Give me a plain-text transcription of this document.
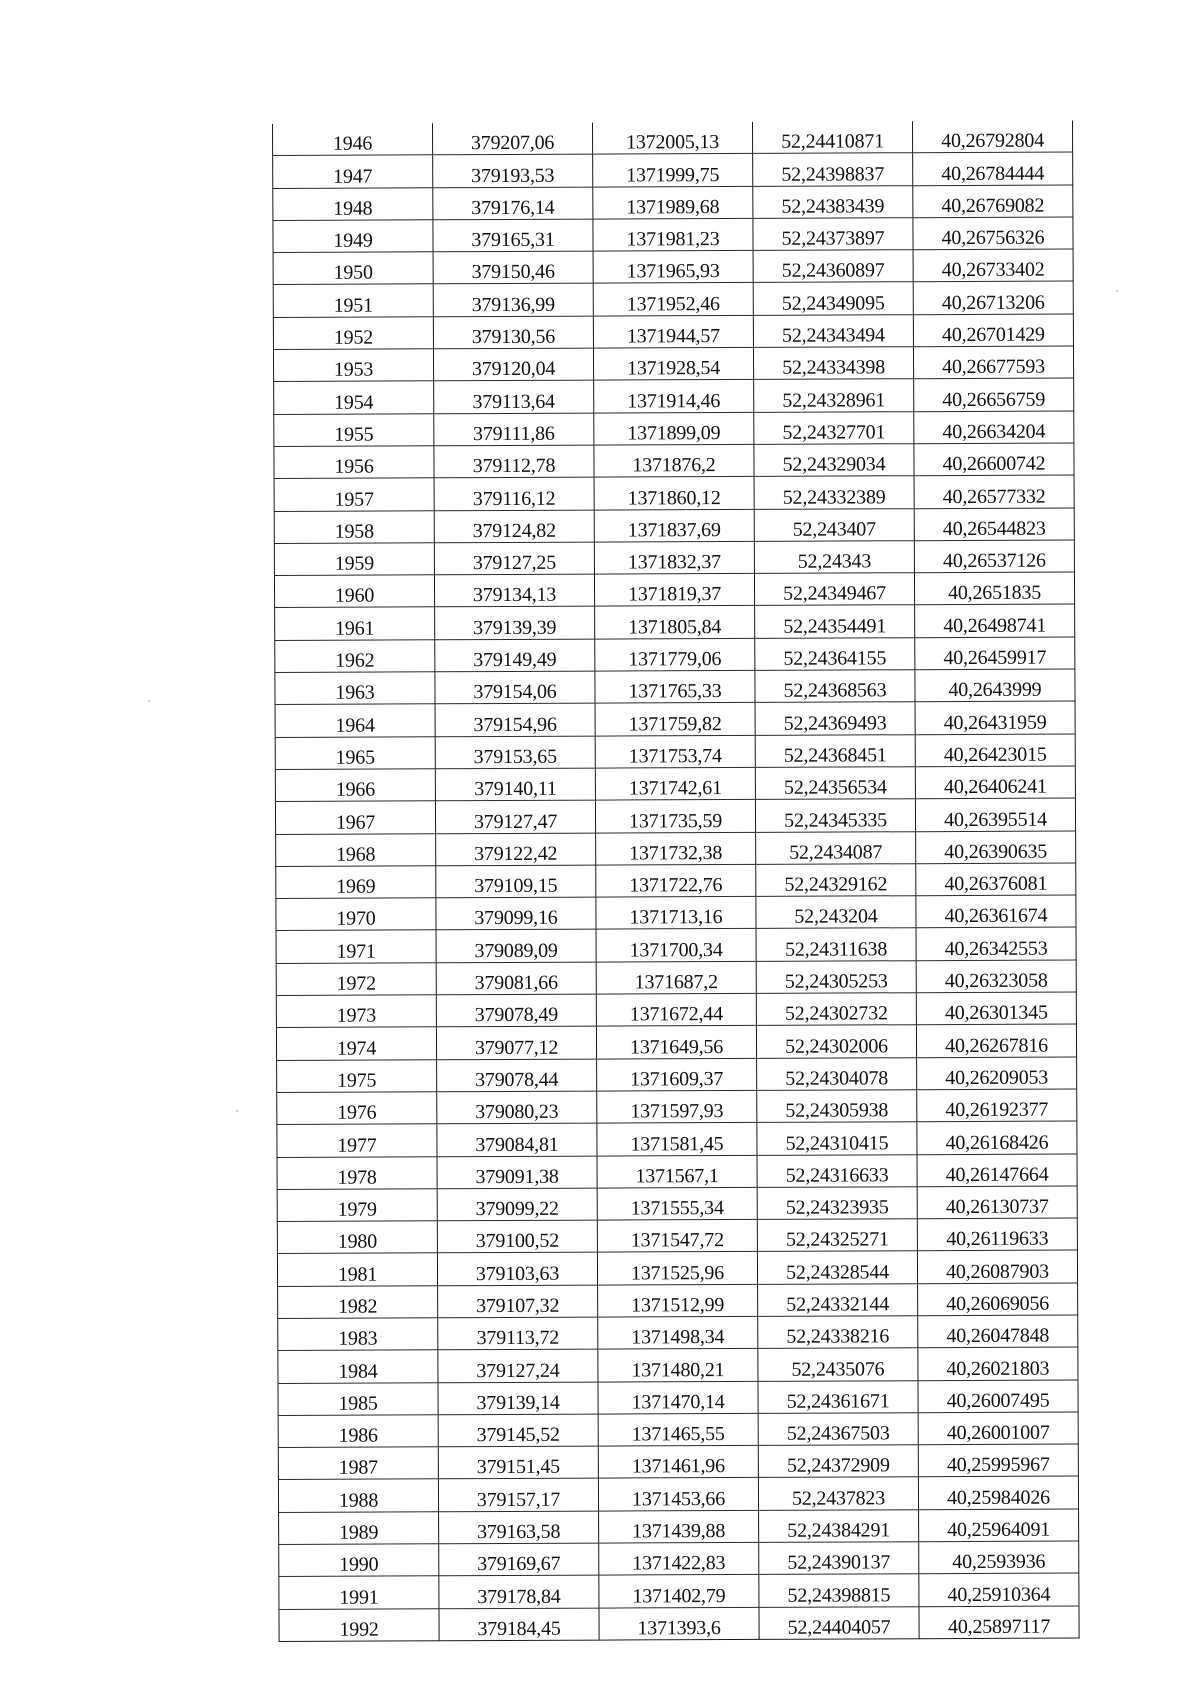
1946	379207,06	1372005,13	52,24410871	40,26792804
1947	379193,53	1371999,75	52,24398837	40,26784444
1948	379176,14	1371989,68	52,24383439	40,26769082
1949	379165,31	1371981,23	52,24373897	40,26756326
1950	379150,46	1371965,93	52,24360897	40,26733402
1951	379136,99	1371952,46	52,24349095	40,26713206
1952	379130,56	1371944,57	52,24343494	40,26701429
1953	379120,04	1371928,54	52,24334398	40,26677593
1954	379113,64	1371914,46	52,24328961	40,26656759
1955	379111,86	1371899,09	52,24327701	40,26634204
1956	379112,78	1371876,2	52,24329034	40,26600742
1957	379116,12	1371860,12	52,24332389	40,26577332
1958	379124,82	1371837,69	52,243407	40,26544823
1959	379127,25	1371832,37	52,24343	40,26537126
1960	379134,13	1371819,37	52,24349467	40,2651835
1961	379139,39	1371805,84	52,24354491	40,26498741
1962	379149,49	1371779,06	52,24364155	40,26459917
1963	379154,06	1371765,33	52,24368563	40,2643999
1964	379154,96	1371759,82	52,24369493	40,26431959
1965	379153,65	1371753,74	52,24368451	40,26423015
1966	379140,11	1371742,61	52,24356534	40,26406241
1967	379127,47	1371735,59	52,24345335	40,26395514
1968	379122,42	1371732,38	52,2434087	40,26390635
1969	379109,15	1371722,76	52,24329162	40,26376081
1970	379099,16	1371713,16	52,243204	40,26361674
1971	379089,09	1371700,34	52,24311638	40,26342553
1972	379081,66	1371687,2	52,24305253	40,26323058
1973	379078,49	1371672,44	52,24302732	40,26301345
1974	379077,12	1371649,56	52,24302006	40,26267816
1975	379078,44	1371609,37	52,24304078	40,26209053
1976	379080,23	1371597,93	52,24305938	40,26192377
1977	379084,81	1371581,45	52,24310415	40,26168426
1978	379091,38	1371567,1	52,24316633	40,26147664
1979	379099,22	1371555,34	52,24323935	40,26130737
1980	379100,52	1371547,72	52,24325271	40,26119633
1981	379103,63	1371525,96	52,24328544	40,26087903
1982	379107,32	1371512,99	52,24332144	40,26069056
1983	379113,72	1371498,34	52,24338216	40,26047848
1984	379127,24	1371480,21	52,2435076	40,26021803
1985	379139,14	1371470,14	52,24361671	40,26007495
1986	379145,52	1371465,55	52,24367503	40,26001007
1987	379151,45	1371461,96	52,24372909	40,25995967
1988	379157,17	1371453,66	52,2437823	40,25984026
1989	379163,58	1371439,88	52,24384291	40,25964091
1990	379169,67	1371422,83	52,24390137	40,2593936
1991	379178,84	1371402,79	52,24398815	40,25910364
1992	379184,45	1371393,6	52,24404057	40,25897117
